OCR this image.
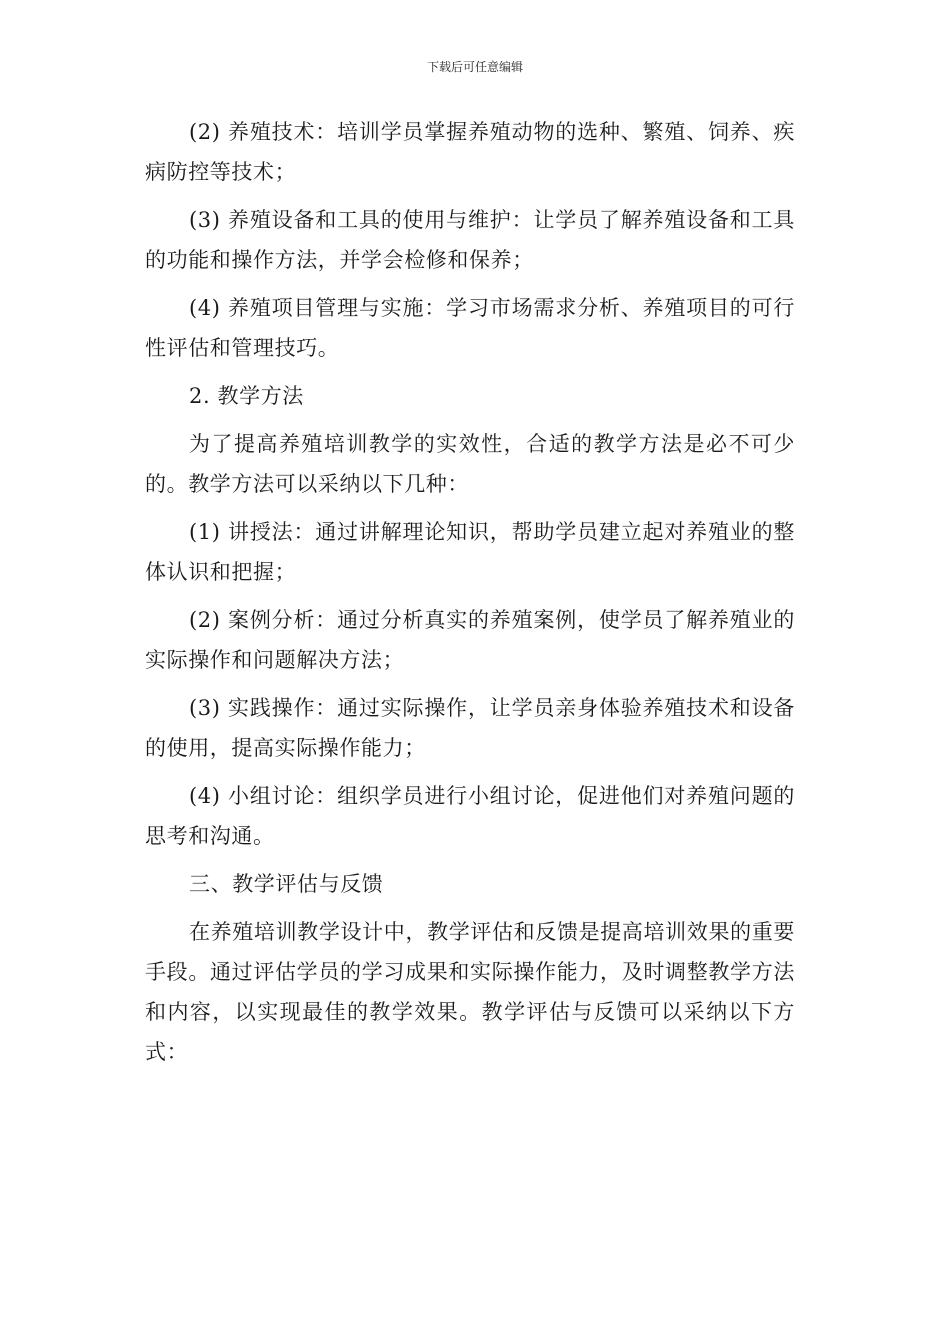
下载后可任意编辑

(2) 养殖技术：培训学员掌握养殖动物的选种、繁殖、饲养、疾病防控等技术；

(3) 养殖设备和工具的使用与维护：让学员了解养殖设备和工具的功能和操作方法，并学会检修和保养；

(4) 养殖项目管理与实施：学习市场需求分析、养殖项目的可行性评估和管理技巧。

2. 教学方法

为了提高养殖培训教学的实效性，合适的教学方法是必不可少的。教学方法可以采纳以下几种：

(1) 讲授法：通过讲解理论知识，帮助学员建立起对养殖业的整体认识和把握；

(2) 案例分析：通过分析真实的养殖案例，使学员了解养殖业的实际操作和问题解决方法；

(3) 实践操作：通过实际操作，让学员亲身体验养殖技术和设备的使用，提高实际操作能力；

(4) 小组讨论：组织学员进行小组讨论，促进他们对养殖问题的思考和沟通。

三、教学评估与反馈

在养殖培训教学设计中，教学评估和反馈是提高培训效果的重要手段。通过评估学员的学习成果和实际操作能力，及时调整教学方法和内容，以实现最佳的教学效果。教学评估与反馈可以采纳以下方式：
